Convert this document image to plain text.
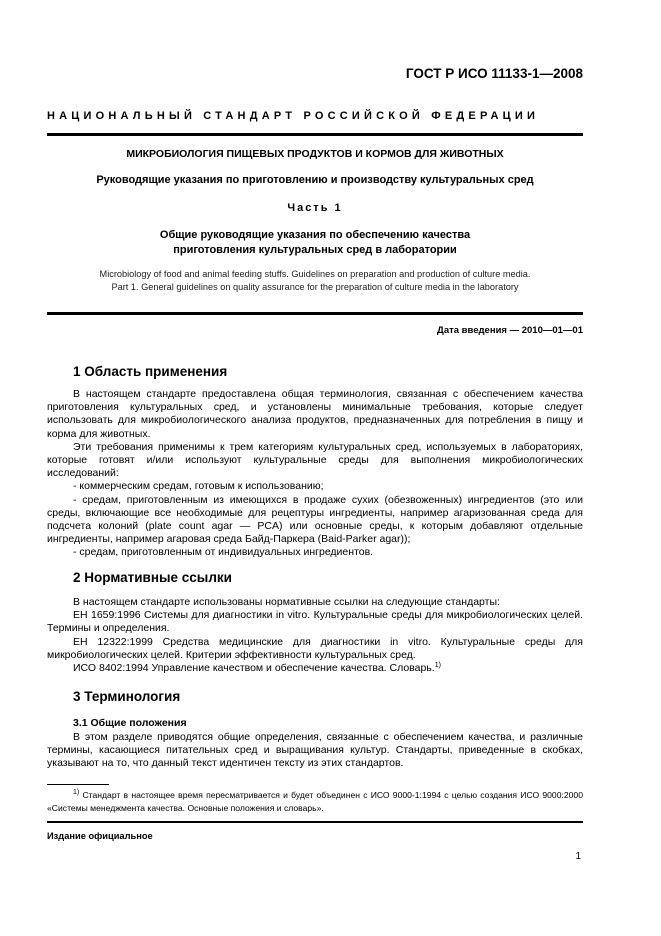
ГОСТ Р ИСО 11133-1—2008
НАЦИОНАЛЬНЫЙ СТАНДАРТ РОССИЙСКОЙ ФЕДЕРАЦИИ
МИКРОБИОЛОГИЯ ПИЩЕВЫХ ПРОДУКТОВ И КОРМОВ ДЛЯ ЖИВОТНЫХ
Руководящие указания по приготовлению и производству культуральных сред
Часть 1
Общие руководящие указания по обеспечению качества
приготовления культуральных сред в лаборатории
Microbiology of food and animal feeding stuffs. Guidelines on preparation and production of culture media.
Part 1. General guidelines on quality assurance for the preparation of culture media in the laboratory
Дата введения — 2010—01—01
1 Область применения

В настоящем стандарте предоставлена общая терминология, связанная с обеспечением качества приготовления культуральных сред, и установлены минимальные требования, которые следует использовать для микробиологического анализа продуктов, предназначенных для потребления в пищу и корма для животных.

Эти требования применимы к трем категориям культуральных сред, используемых в лабораториях, которые готовят и/или используют культуральные среды для выполнения микробиологических исследований:

- коммерческим средам, готовым к использованию;

- средам, приготовленным из имеющихся в продаже сухих (обезвоженных) ингредиентов (это или среды, включающие все необходимые для рецептуры ингредиенты, например агаризованная среда для подсчета колоний (plate count agar — PCA) или основные среды, к которым добавляют отдельные ингредиенты, например агаровая среда Байд-Паркера (Baid-Parker agar));

- средам, приготовленным от индивидуальных ингредиентов.

2 Нормативные ссылки

В настоящем стандарте использованы нормативные ссылки на следующие стандарты:

ЕН 1659:1996 Системы для диагностики in vitro. Культуральные среды для микробиологических целей. Термины и определения.

ЕН 12322:1999 Средства медицинские для диагностики in vitro. Культуральные среды для микробиологических целей. Критерии эффективности культуральных сред.

ИСО 8402:1994 Управление качеством и обеспечение качества. Словарь.$^{1)}$

3 Терминология
3.1 Общие положения

В этом разделе приводятся общие определения, связанные с обеспечением качества, и различные термины, касающиеся питательных сред и выращивания культур. Стандарты, приведенные в скобках, указывают на то, что данный текст идентичен тексту из этих стандартов.

$^{1)}$ Стандарт в настоящее время пересматривается и будет объединен с ИСО 9000-1:1994 с целью создания ИСО 9000:2000 «Системы менеджмента качества. Основные положения и словарь».

Издание официальное
1
